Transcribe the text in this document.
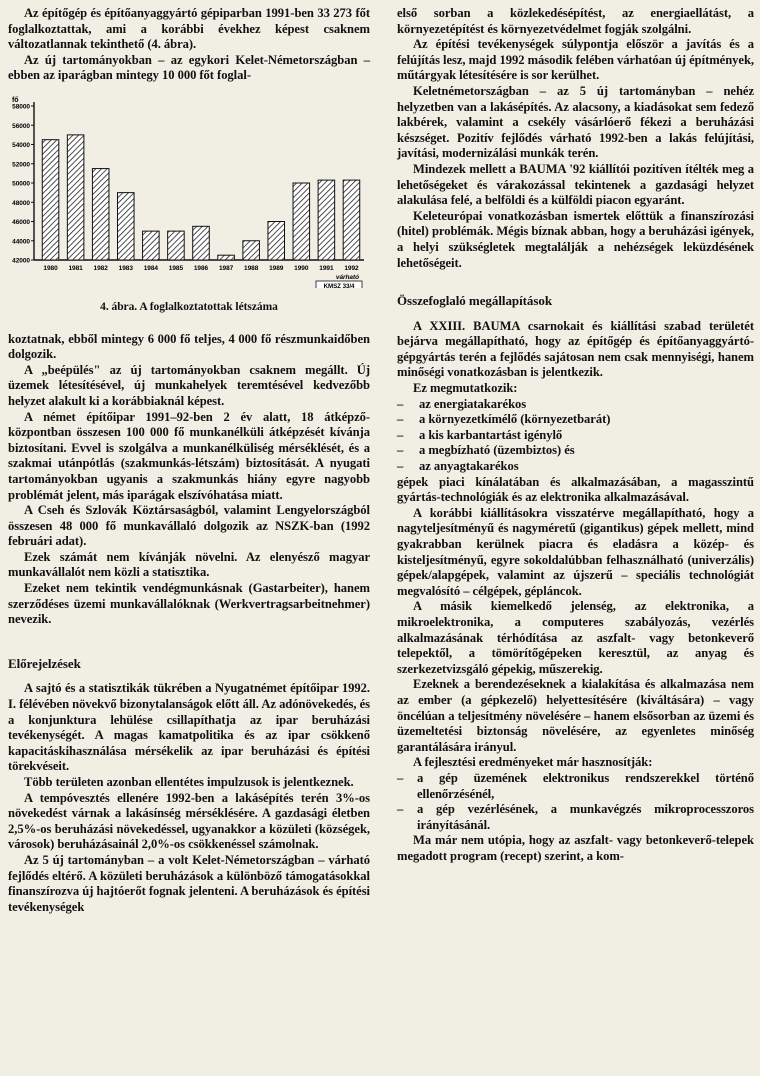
Az építőgép és építőanyaggyártó gépiparban 1991-ben 33 273 főt foglalkoztattak, ami a korábbi évekhez képest csaknem változatlannak tekinthető (4. ábra).

Az új tartományokban – az egykori Kelet-Németországban – ebben az iparágban mintegy 10 000 főt foglal-

fő
42000
44000
46000
48000
50000
52000
54000
56000
58000
1980 1981 1982 1983 1984 1985 1986 1987 1988 1989 1990 1991 1992
várható
KMSZ 33/4

4. ábra. A foglalkoztatottak létszáma

koztatnak, ebből mintegy 6 000 fő teljes, 4 000 fő részmunkaidőben dolgozik.

A „beépülés" az új tartományokban csaknem megállt. Új üzemek létesítésével, új munkahelyek teremtésével kedvezőbb helyzet alakult ki a korábbiaknál képest.

A német építőipar 1991–92-ben 2 év alatt, 18 átképző-központban összesen 100 000 fő munkanélküli átképzését kívánja biztosítani. Evvel is szolgálva a munkanélküliség mérséklését, és a szakmai utánpótlás (szakmunkás-létszám) biztosítását. A nyugati tartományokban ugyanis a szakmunkás hiány egyre nagyobb problémát jelent, más iparágak elszívóhatása miatt.

A Cseh és Szlovák Köztársaságból, valamint Lengyelországból összesen 48 000 fő munkavállaló dolgozik az NSZK-ban (1992 februári adat).

Ezek számát nem kívánják növelni. Az elenyésző magyar munkavállalót nem közli a statisztika.

Ezeket nem tekintik vendégmunkásnak (Gastarbeiter), hanem szerződéses üzemi munkavállalóknak (Werkvertragsarbeitnehmer) nevezik.

Előrejelzések

A sajtó és a statisztikák tükrében a Nyugatnémet építőipar 1992. I. félévében növekvő bizonytalanságok előtt áll. Az adónövekedés, és a konjunktura lehülése csillapíthatja az ipar beruházási tevékenységét. A magas kamatpolitika és az ipar csökkenő kapacitáskihasználása mérsékelik az ipar beruházási és építési törekvéseit.

Több területen azonban ellentétes impulzusok is jelentkeznek.

A tempóvesztés ellenére 1992-ben a lakásépítés terén 3%-os növekedést várnak a lakásínség mérséklésére. A gazdasági életben 2,5%-os beruházási növekedéssel, ugyanakkor a közületi (községek, városok) beruházásainál 2,0%-os csökkenéssel számolnak.

Az 5 új tartományban – a volt Kelet-Németországban – várható fejlődés eltérő. A közületi beruházások a különböző támogatásokkal finanszírozva új hajtóerőt fognak jelenteni. A beruházások és építési tevékenységek

első sorban a közlekedésépítést, az energiaellátást, a környezetépítést és környezetvédelmet fogják szolgálni.

Az építési tevékenységek súlypontja először a javítás és a felújítás lesz, majd 1992 második felében várhatóan új építmények, műtárgyak létesítésére is sor kerülhet.

Keletnémetországban – az 5 új tartományban – nehéz helyzetben van a lakásépítés. Az alacsony, a kiadásokat sem fedező lakbérek, valamint a csekély vásárlóerő fékezi a beruházási készséget. Pozitív fejlődés várható 1992-ben a lakás felújítási, javítási, modernizálási munkák terén.

Mindezek mellett a BAUMA '92 kiállítói pozitíven ítélték meg a lehetőségeket és várakozással tekintenek a gazdasági helyzet alakulása felé, a belföldi és a külföldi piacon egyaránt.

Keleteurópai vonatkozásban ismertek előttük a finanszírozási (hitel) problémák. Mégis bíznak abban, hogy a beruházási igények, a helyi szükségletek megtalálják a nehézségek leküzdésének lehetőségeit.

Összefoglaló megállapítások

A XXIII. BAUMA csarnokait és kiállítási szabad területét bejárva megállapítható, hogy az építőgép és építőanyaggyártó-gépgyártás terén a fejlődés sajátosan nem csak mennyiségi, hanem minőségi vonatkozásban is jelentkezik.

Ez megmutatkozik:

– az energiatakarékos
– a környezetkímélő (környezetbarát)
– a kis karbantartást igénylő
– a megbízható (üzembiztos) és
– az anyagtakarékos

gépek piaci kínálatában és alkalmazásában, a magasszintű gyártás-technológiák és az elektronika alkalmazásával.

A korábbi kiállításokra visszatérve megállapítható, hogy a nagyteljesítményű és nagyméretű (gigantikus) gépek mellett, mind gyakrabban kerülnek piacra és eladásra a közép- és kisteljesítményű, egyre sokoldalúbban felhasználható (univerzális) gépek/alapgépek, valamint az újszerű – speciális technológiát megvalósító – célgépek, gépláncok.

A másik kiemelkedő jelenség, az elektronika, a mikroelektronika, a computeres szabályozás, vezérlés alkalmazásának térhódítása az aszfalt- vagy betonkeverő telepektől, a tömörítőgépeken keresztül, az anyag és szerkezetvizsgáló gépekig, műszerekig.

Ezeknek a berendezéseknek a kialakítása és alkalmazása nem az ember (a gépkezelő) helyettesítésére (kiváltására) – vagy öncélúan a teljesítmény növelésére – hanem elsősorban az üzemi és üzemeltetési biztonság növelésére, az egyenletes minőség garantálására irányul.

A fejlesztési eredményeket már hasznosítják:

– a gép üzemének elektronikus rendszerekkel történő ellenőrzésénél,
– a gép vezérlésének, a munkavégzés mikroprocesszoros irányításánál.

Ma már nem utópia, hogy az aszfalt- vagy betonkeverő-telepek megadott program (recept) szerint, a kom-
